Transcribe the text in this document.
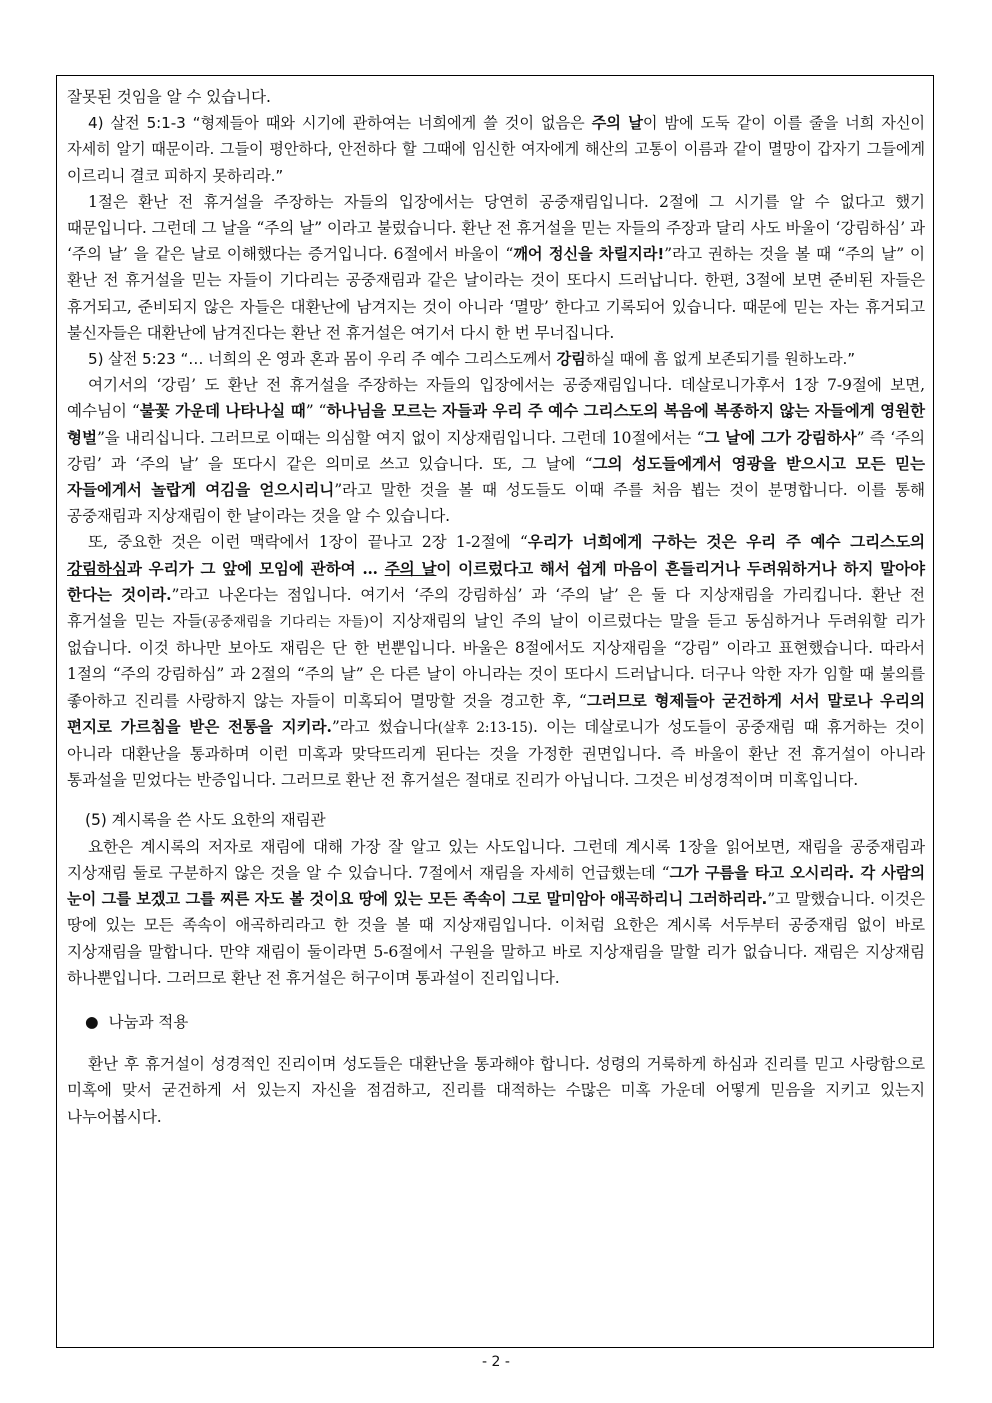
잘못된 것임을 알 수 있습니다.

4) 살전 5:1-3 “형제들아 때와 시기에 관하여는 너희에게 쓸 것이 없음은 주의 날이 밤에 도둑 같이 이를 줄을 너희 자신이 자세히 알기 때문이라. 그들이 평안하다, 안전하다 할 그때에 임신한 여자에게 해산의 고통이 이름과 같이 멸망이 갑자기 그들에게 이르리니 결코 피하지 못하리라.”

1절은 환난 전 휴거설을 주장하는 자들의 입장에서는 당연히 공중재림입니다. 2절에 그 시기를 알 수 없다고 했기 때문입니다. 그런데 그 날을 “주의 날” 이라고 불렀습니다. 환난 전 휴거설을 믿는 자들의 주장과 달리 사도 바울이 ‘강림하심’ 과 ‘주의 날’ 을 같은 날로 이해했다는 증거입니다. 6절에서 바울이 “깨어 정신을 차릴지라!”라고 권하는 것을 볼 때 “주의 날” 이 환난 전 휴거설을 믿는 자들이 기다리는 공중재림과 같은 날이라는 것이 또다시 드러납니다. 한편, 3절에 보면 준비된 자들은 휴거되고, 준비되지 않은 자들은 대환난에 남겨지는 것이 아니라 ‘멸망’ 한다고 기록되어 있습니다. 때문에 믿는 자는 휴거되고 불신자들은 대환난에 남겨진다는 환난 전 휴거설은 여기서 다시 한 번 무너집니다.

5) 살전 5:23 “… 너희의 온 영과 혼과 몸이 우리 주 예수 그리스도께서 강림하실 때에 흠 없게 보존되기를 원하노라.”

여기서의 ‘강림’ 도 환난 전 휴거설을 주장하는 자들의 입장에서는 공중재림입니다. 데살로니가후서 1장 7-9절에 보면, 예수님이 “불꽃 가운데 나타나실 때” “하나님을 모르는 자들과 우리 주 예수 그리스도의 복음에 복종하지 않는 자들에게 영원한 형벌”을 내리십니다. 그러므로 이때는 의심할 여지 없이 지상재림입니다. 그런데 10절에서는 “그 날에 그가 강림하사” 즉 ‘주의 강림’ 과 ‘주의 날’ 을 또다시 같은 의미로 쓰고 있습니다. 또, 그 날에 “그의 성도들에게서 영광을 받으시고 모든 믿는 자들에게서 놀랍게 여김을 얻으시리니”라고 말한 것을 볼 때 성도들도 이때 주를 처음 뵙는 것이 분명합니다. 이를 통해 공중재림과 지상재림이 한 날이라는 것을 알 수 있습니다.

또, 중요한 것은 이런 맥락에서 1장이 끝나고 2장 1-2절에 “우리가 너희에게 구하는 것은 우리 주 예수 그리스도의 강림하심과 우리가 그 앞에 모임에 관하여 … 주의 날이 이르렀다고 해서 쉽게 마음이 흔들리거나 두려워하거나 하지 말아야 한다는 것이라.”라고 나온다는 점입니다. 여기서 ‘주의 강림하심’ 과 ‘주의 날’ 은 둘 다 지상재림을 가리킵니다. 환난 전 휴거설을 믿는 자들(공중재림을 기다리는 자들)이 지상재림의 날인 주의 날이 이르렀다는 말을 듣고 동심하거나 두려워할 리가 없습니다. 이것 하나만 보아도 재림은 단 한 번뿐입니다. 바울은 8절에서도 지상재림을 “강림” 이라고 표현했습니다. 따라서 1절의 “주의 강림하심” 과 2절의 “주의 날” 은 다른 날이 아니라는 것이 또다시 드러납니다. 더구나 악한 자가 임할 때 불의를 좋아하고 진리를 사랑하지 않는 자들이 미혹되어 멸망할 것을 경고한 후, “그러므로 형제들아 굳건하게 서서 말로나 우리의 편지로 가르침을 받은 전통을 지키라.”라고 썼습니다(살후 2:13-15). 이는 데살로니가 성도들이 공중재림 때 휴거하는 것이 아니라 대환난을 통과하며 이런 미혹과 맞닥뜨리게 된다는 것을 가정한 권면입니다. 즉 바울이 환난 전 휴거설이 아니라 통과설을 믿었다는 반증입니다. 그러므로 환난 전 휴거설은 절대로 진리가 아닙니다. 그것은 비성경적이며 미혹입니다.

(5) 계시록을 쓴 사도 요한의 재림관

요한은 계시록의 저자로 재림에 대해 가장 잘 알고 있는 사도입니다. 그런데 계시록 1장을 읽어보면, 재림을 공중재림과 지상재림 둘로 구분하지 않은 것을 알 수 있습니다. 7절에서 재림을 자세히 언급했는데 “그가 구름을 타고 오시리라. 각 사람의 눈이 그를 보겠고 그를 찌른 자도 볼 것이요 땅에 있는 모든 족속이 그로 말미암아 애곡하리니 그러하리라.”고 말했습니다. 이것은 땅에 있는 모든 족속이 애곡하리라고 한 것을 볼 때 지상재림입니다. 이처럼 요한은 계시록 서두부터 공중재림 없이 바로 지상재림을 말합니다. 만약 재림이 둘이라면 5-6절에서 구원을 말하고 바로 지상재림을 말할 리가 없습니다. 재림은 지상재림 하나뿐입니다. 그러므로 환난 전 휴거설은 허구이며 통과설이 진리입니다.

● 나눔과 적용

환난 후 휴거설이 성경적인 진리이며 성도들은 대환난을 통과해야 합니다. 성령의 거룩하게 하심과 진리를 믿고 사랑함으로 미혹에 맞서 굳건하게 서 있는지 자신을 점검하고, 진리를 대적하는 수많은 미혹 가운데 어떻게 믿음을 지키고 있는지 나누어봅시다.

- 2 -
